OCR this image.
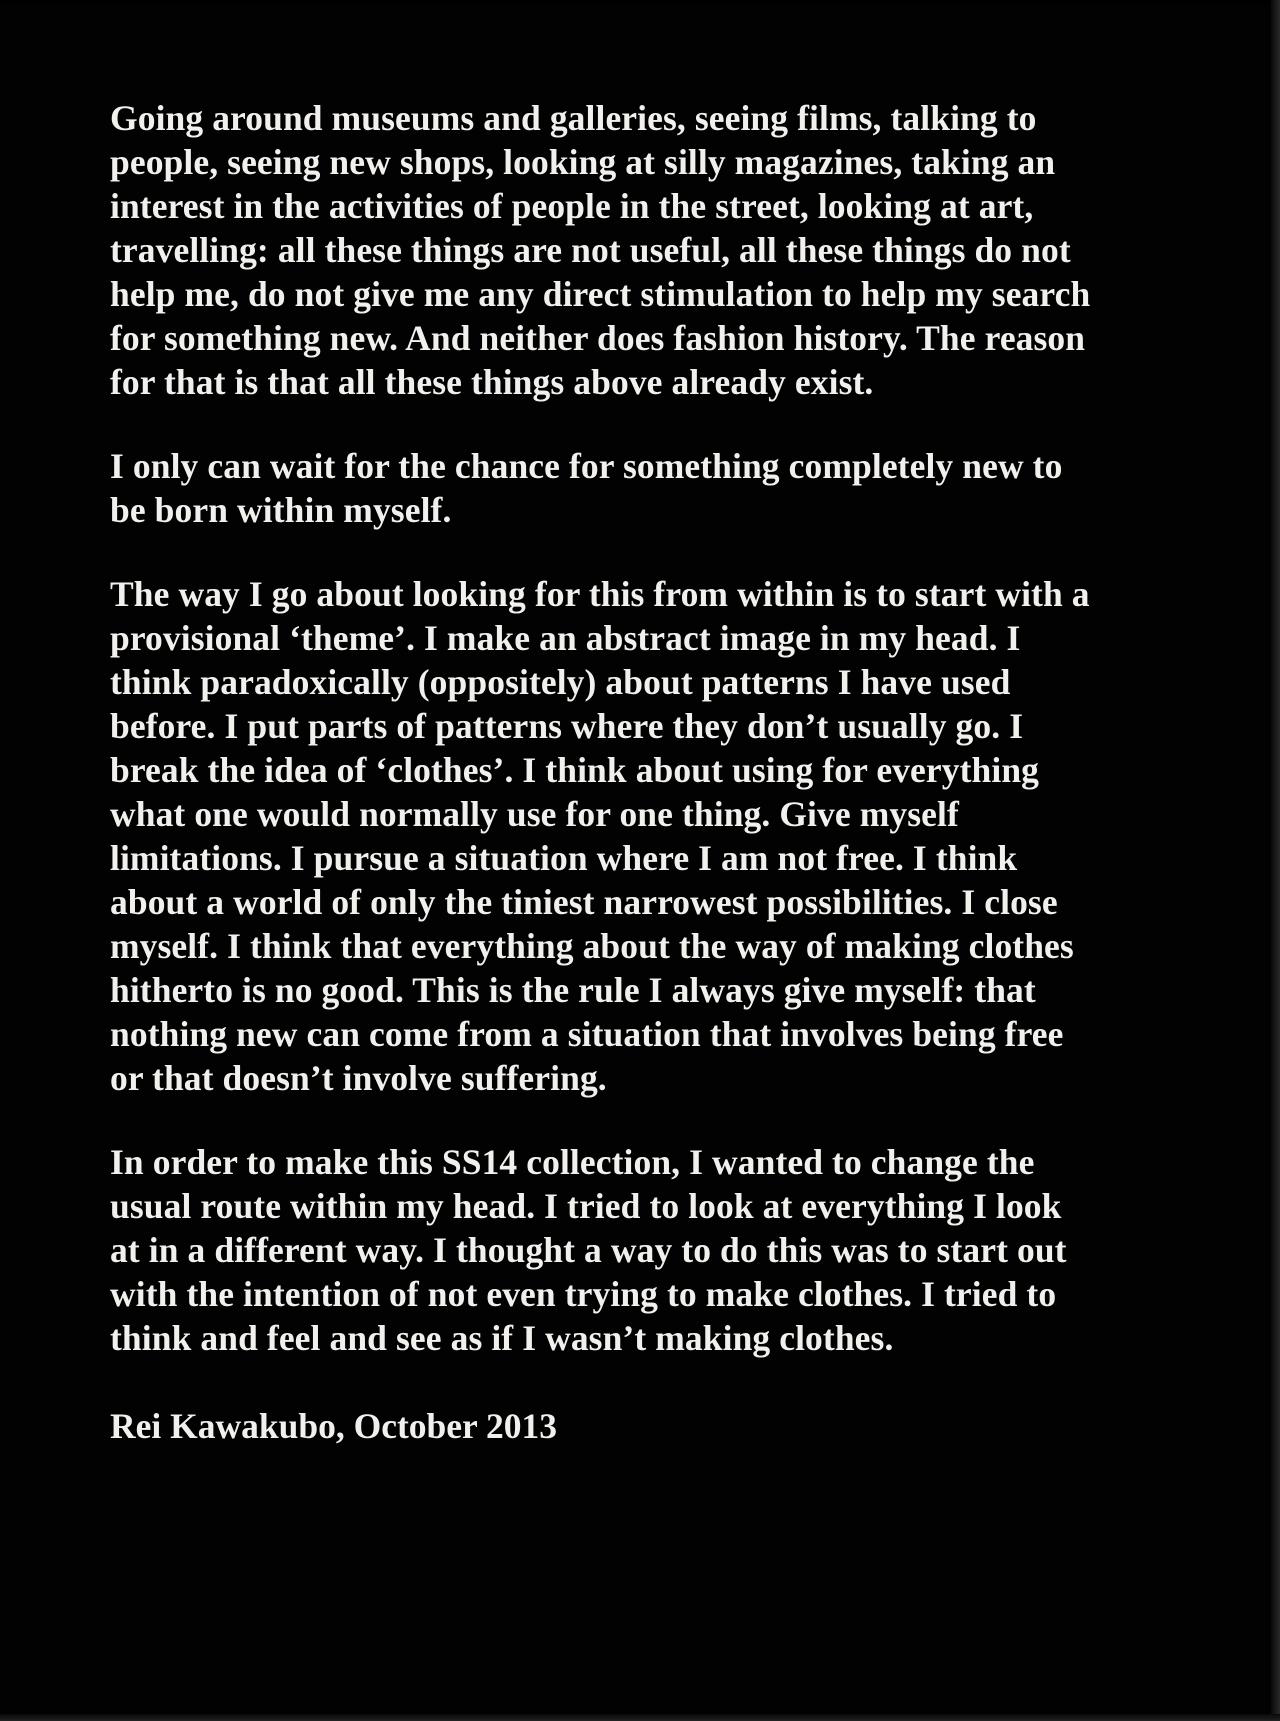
Going around museums and galleries, seeing films, talking to people, seeing new shops, looking at silly magazines, taking an interest in the activities of people in the street, looking at art, travelling: all these things are not useful, all these things do not help me, do not give me any direct stimulation to help my search for something new. And neither does fashion history. The reason for that is that all these things above already exist.

I only can wait for the chance for something completely new to be born within myself.

The way I go about looking for this from within is to start with a provisional ‘theme’. I make an abstract image in my head. I think paradoxically (oppositely) about patterns I have used before. I put parts of patterns where they don’t usually go. I break the idea of ‘clothes’. I think about using for everything what one would normally use for one thing. Give myself limitations. I pursue a situation where I am not free. I think about a world of only the tiniest narrowest possibilities. I close myself. I think that everything about the way of making clothes hitherto is no good. This is the rule I always give myself: that nothing new can come from a situation that involves being free or that doesn’t involve suffering.

In order to make this SS14 collection, I wanted to change the usual route within my head. I tried to look at everything I look at in a different way. I thought a way to do this was to start out with the intention of not even trying to make clothes. I tried to think and feel and see as if I wasn’t making clothes.

Rei Kawakubo, October 2013
